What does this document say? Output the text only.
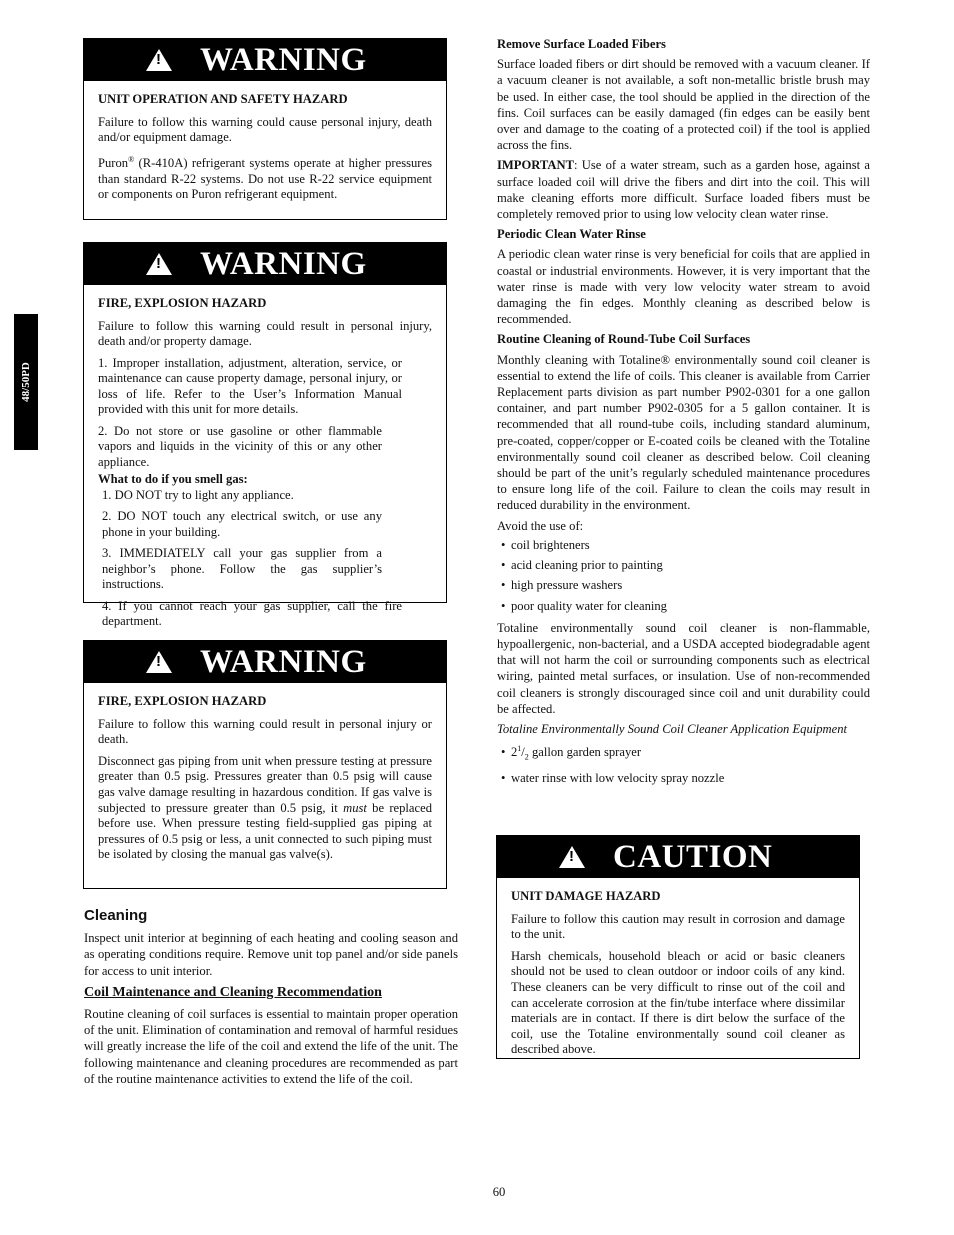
48/50PD
! WARNING
UNIT OPERATION AND SAFETY HAZARD

Failure to follow this warning could cause personal injury, death and/or equipment damage.

Puron® (R-410A) refrigerant systems operate at higher pressures than standard R-22 systems. Do not use R-22 service equipment or components on Puron refrigerant equipment.

! WARNING
FIRE, EXPLOSION HAZARD

Failure to follow this warning could result in personal injury, death and/or property damage.

1. Improper installation, adjustment, alteration, service, or maintenance can cause property damage, personal injury, or loss of life. Refer to the User’s Information Manual provided with this unit for more details.

2. Do not store or use gasoline or other flammable vapors and liquids in the vicinity of this or any other appliance.

What to do if you smell gas:

1. DO NOT try to light any appliance.

2. DO NOT touch any electrical switch, or use any phone in your building.

3. IMMEDIATELY call your gas supplier from a neighbor’s phone. Follow the gas supplier’s instructions.

4. If you cannot reach your gas supplier, call the fire department.

! WARNING
FIRE, EXPLOSION HAZARD

Failure to follow this warning could result in personal injury or death.

Disconnect gas piping from unit when pressure testing at pressure greater than 0.5 psig. Pressures greater than 0.5 psig will cause gas valve damage resulting in hazardous condition. If gas valve is subjected to pressure greater than 0.5 psig, it must be replaced before use. When pressure testing field-supplied gas piping at pressures of 0.5 psig or less, a unit connected to such piping must be isolated by closing the manual gas valve(s).

Cleaning

Inspect unit interior at beginning of each heating and cooling season and as operating conditions require. Remove unit top panel and/or side panels for access to unit interior.

Coil Maintenance and Cleaning Recommendation

Routine cleaning of coil surfaces is essential to maintain proper operation of the unit. Elimination of contamination and removal of harmful residues will greatly increase the life of the coil and extend the life of the unit. The following maintenance and cleaning procedures are recommended as part of the routine maintenance activities to extend the life of the coil.

Remove Surface Loaded Fibers

Surface loaded fibers or dirt should be removed with a vacuum cleaner. If a vacuum cleaner is not available, a soft non-metallic bristle brush may be used. In either case, the tool should be applied in the direction of the fins. Coil surfaces can be easily damaged (fin edges can be easily bent over and damage to the coating of a protected coil) if the tool is applied across the fins.

IMPORTANT: Use of a water stream, such as a garden hose, against a surface loaded coil will drive the fibers and dirt into the coil. This will make cleaning efforts more difficult. Surface loaded fibers must be completely removed prior to using low velocity clean water rinse.

Periodic Clean Water Rinse

A periodic clean water rinse is very beneficial for coils that are applied in coastal or industrial environments. However, it is very important that the water rinse is made with very low velocity water stream to avoid damaging the fin edges. Monthly cleaning as described below is recommended.

Routine Cleaning of Round-Tube Coil Surfaces

Monthly cleaning with Totaline® environmentally sound coil cleaner is essential to extend the life of coils. This cleaner is available from Carrier Replacement parts division as part number P902-0301 for a one gallon container, and part number P902-0305 for a 5 gallon container. It is recommended that all round-tube coils, including standard aluminum, pre-coated, copper/copper or E-coated coils be cleaned with the Totaline environmentally sound coil cleaner as described below. Coil cleaning should be part of the unit’s regularly scheduled maintenance procedures to ensure long life of the coil. Failure to clean the coils may result in reduced durability in the environment.

Avoid the use of:
• coil brighteners
• acid cleaning prior to painting
• high pressure washers
• poor quality water for cleaning

Totaline environmentally sound coil cleaner is non-flammable, hypoallergenic, non-bacterial, and a USDA accepted biodegradable agent that will not harm the coil or surrounding components such as electrical wiring, painted metal surfaces, or insulation. Use of non-recommended coil cleaners is strongly discouraged since coil and unit durability could be affected.

Totaline Environmentally Sound Coil Cleaner Application Equipment

• $2^1/_2$ gallon garden sprayer
• water rinse with low velocity spray nozzle
! CAUTION
UNIT DAMAGE HAZARD

Failure to follow this caution may result in corrosion and damage to the unit.

Harsh chemicals, household bleach or acid or basic cleaners should not be used to clean outdoor or indoor coils of any kind. These cleaners can be very difficult to rinse out of the coil and can accelerate corrosion at the fin/tube interface where dissimilar materials are in contact. If there is dirt below the surface of the coil, use the Totaline environmentally sound coil cleaner as described above.

60
